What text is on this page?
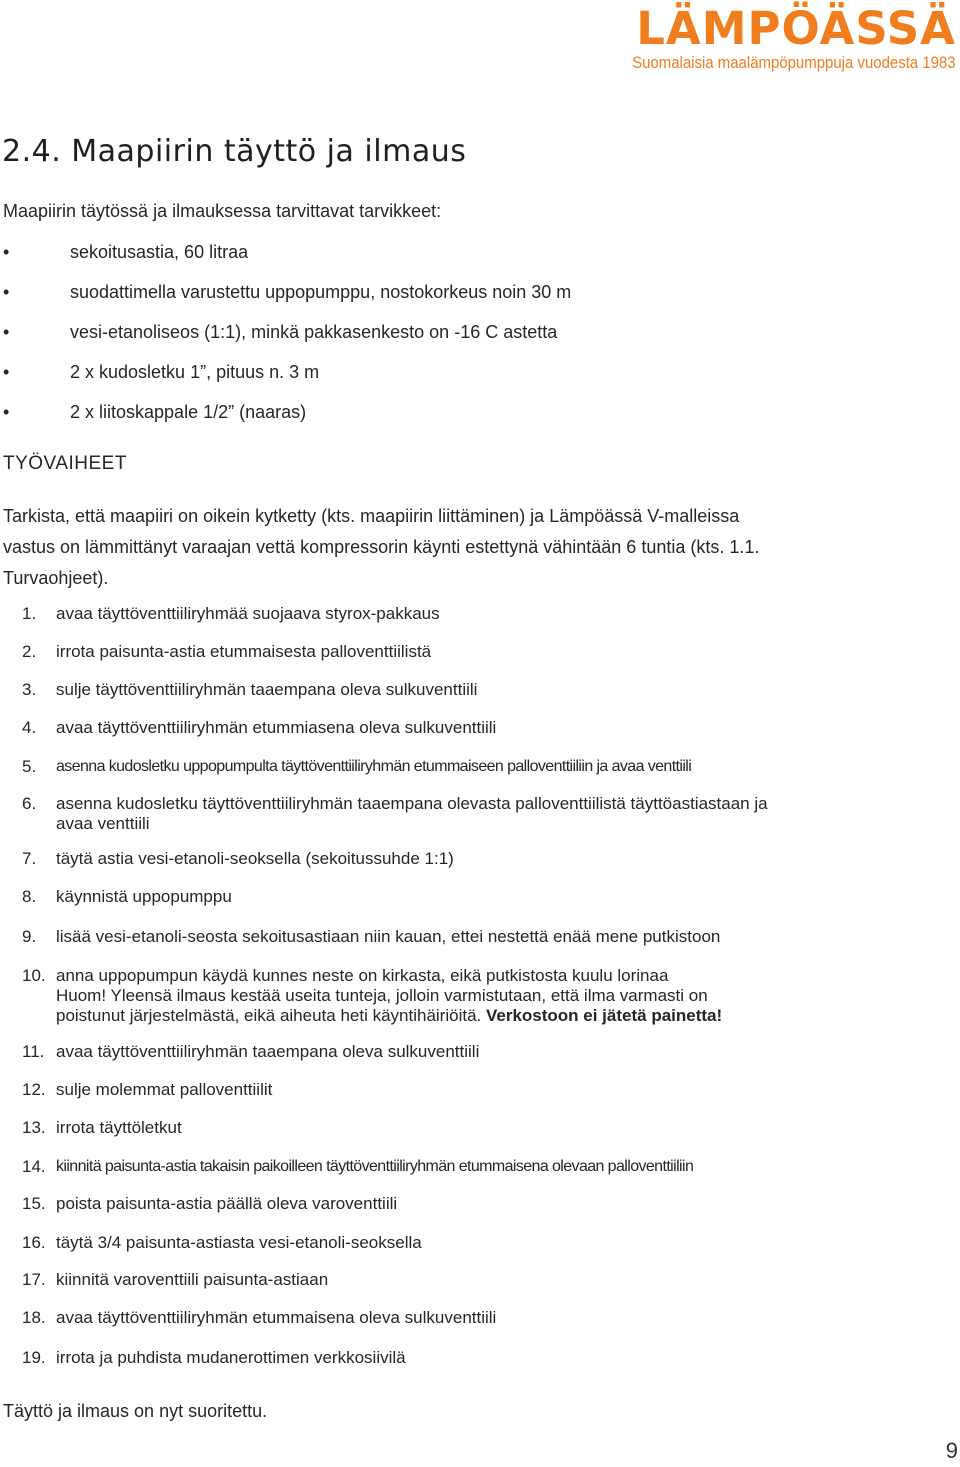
LÄMPÖÄSSÄ
Suomalaisia maalämpöpumppuja vuodesta 1983
2.4. Maapiirin täyttö ja ilmaus
Maapiirin täytössä ja ilmauksessa tarvittavat tarvikkeet:
•	sekoitusastia, 60 litraa
•	suodattimella varustettu uppopumppu, nostokorkeus noin 30 m
•	vesi-etanoliseos (1:1), minkä pakkasenkesto on -16 C astetta
•	2 x kudosletku 1”, pituus n. 3 m
•	2 x liitoskappale 1/2” (naaras)
TYÖVAIHEET
Tarkista, että maapiiri on oikein kytketty (kts. maapiirin liittäminen) ja Lämpöässä V-malleissa vastus on lämmittänyt varaajan vettä kompressorin käynti estettynä vähintään 6 tuntia (kts. 1.1. Turvaohjeet).
1. avaa täyttöventtiiliryhmää suojaava styrox-pakkaus
2. irrota paisunta-astia etummaisesta palloventtiilistä
3. sulje täyttöventtiiliryhmän taaempana oleva sulkuventtiili
4. avaa täyttöventtiiliryhmän etummiasena oleva sulkuventtiili
5. asenna kudosletku uppopumpulta täyttöventtiiliryhmän etummaiseen palloventtiiliin ja avaa venttiili
6. asenna kudosletku täyttöventtiiliryhmän taaempana olevasta palloventtiilistä täyttöastiastaan ja avaa venttiili
7. täytä astia vesi-etanoli-seoksella (sekoitussuhde 1:1)
8. käynnistä uppopumppu
9. lisää vesi-etanoli-seosta sekoitusastiaan niin kauan, ettei nestettä enää mene putkistoon
10. anna uppopumpun käydä kunnes neste on kirkasta, eikä putkistosta kuulu lorinaa
Huom! Yleensä ilmaus kestää useita tunteja, jolloin varmistutaan, että ilma varmasti on poistunut järjestelmästä, eikä aiheuta heti käyntihäiriöitä. Verkostoon ei jätetä painetta!
11. avaa täyttöventtiiliryhmän taaempana oleva sulkuventtiili
12. sulje molemmat palloventtiilit
13. irrota täyttöletkut
14. kiinnitä paisunta-astia takaisin paikoilleen täyttöventtiiliryhmän etummaisena olevaan palloventtiiliin
15. poista paisunta-astia päällä oleva varoventtiili
16. täytä 3/4 paisunta-astiasta vesi-etanoli-seoksella
17. kiinnitä varoventtiili paisunta-astiaan
18. avaa täyttöventtiiliryhmän etummaisena oleva sulkuventtiili
19. irrota ja puhdista mudanerottimen verkkosiivilä
Täyttö ja ilmaus on nyt suoritettu.
9
